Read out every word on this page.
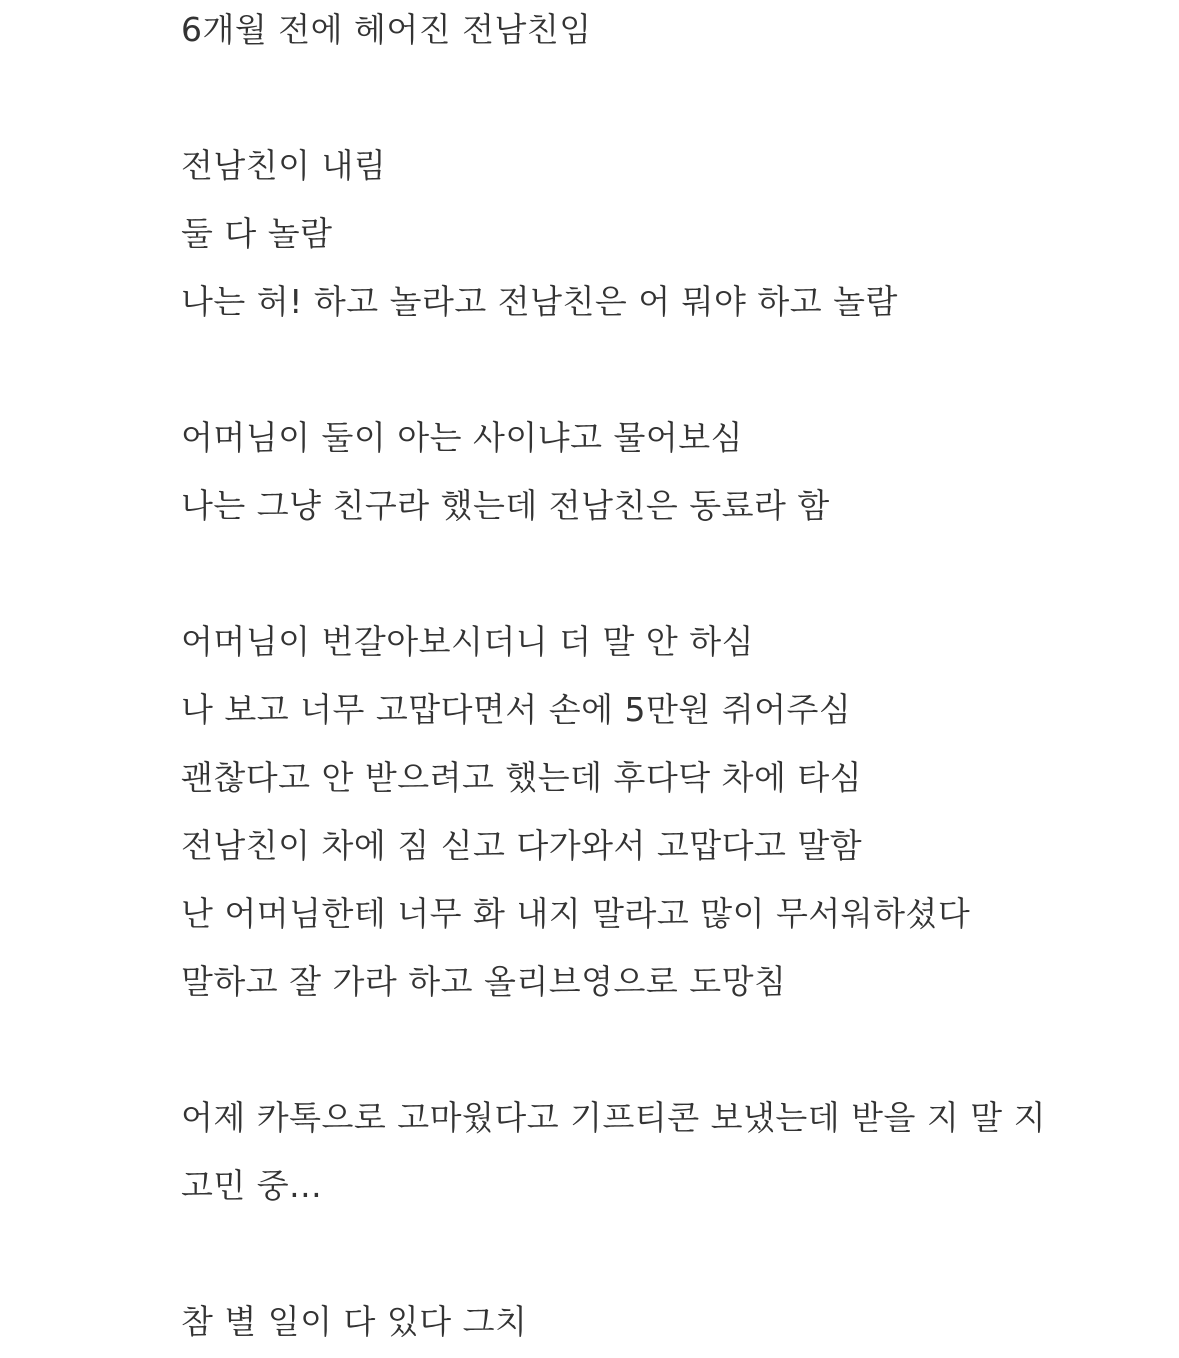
6개월 전에 헤어진 전남친임
전남친이 내림
둘 다 놀람
나는 허! 하고 놀라고 전남친은 어 뭐야 하고 놀람
어머님이 둘이 아는 사이냐고 물어보심
나는 그냥 친구라 했는데 전남친은 동료라 함
어머님이 번갈아보시더니 더 말 안 하심
나 보고 너무 고맙다면서 손에 5만원 쥐어주심
괜찮다고 안 받으려고 했는데 후다닥 차에 타심
전남친이 차에 짐 싣고 다가와서 고맙다고 말함
난 어머님한테 너무 화 내지 말라고 많이 무서워하셨다
말하고 잘 가라 하고 올리브영으로 도망침
어제 카톡으로 고마웠다고 기프티콘 보냈는데 받을 지 말 지
고민 중...
참 별 일이 다 있다 그치
